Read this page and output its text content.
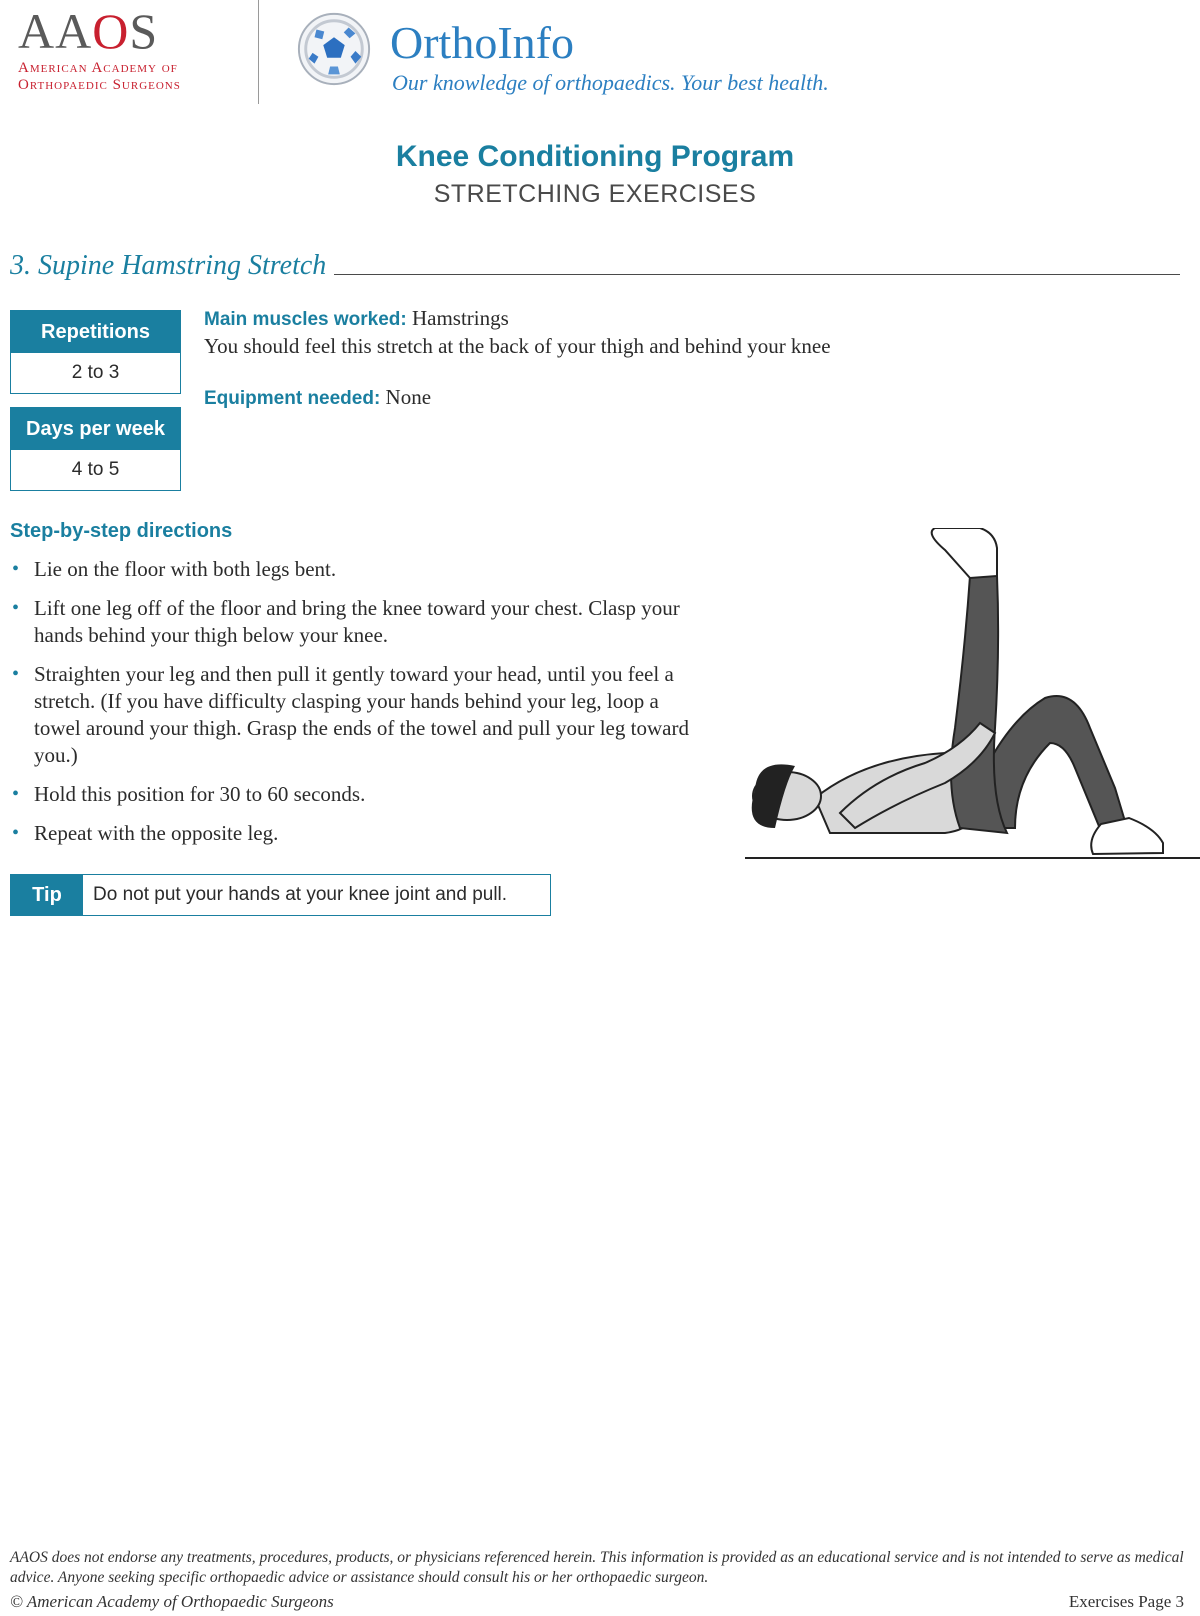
AAOS
American Academy of
Orthopaedic Surgeons
OrthoInfo
Our knowledge of orthopaedics. Your best health.
Knee Conditioning Program
STRETCHING EXERCISES
3. Supine Hamstring Stretch
Repetitions
2 to 3
Days per week
4 to 5
Main muscles worked: Hamstrings
You should feel this stretch at the back of your thigh and behind your knee
Equipment needed: None
Step-by-step directions
• Lie on the floor with both legs bent.
• Lift one leg off of the floor and bring the knee toward your chest. Clasp your hands behind your thigh below your knee.
• Straighten your leg and then pull it gently toward your head, until you feel a stretch. (If you have difficulty clasping your hands behind your leg, loop a towel around your thigh. Grasp the ends of the towel and pull your leg toward you.)
• Hold this position for 30 to 60 seconds.
• Repeat with the opposite leg.
Tip	Do not put your hands at your knee joint and pull.
AAOS does not endorse any treatments, procedures, products, or physicians referenced herein. This information is provided as an educational service and is not intended to serve as medical advice. Anyone seeking specific orthopaedic advice or assistance should consult his or her orthopaedic surgeon.
© American Academy of Orthopaedic Surgeons	Exercises Page 3
